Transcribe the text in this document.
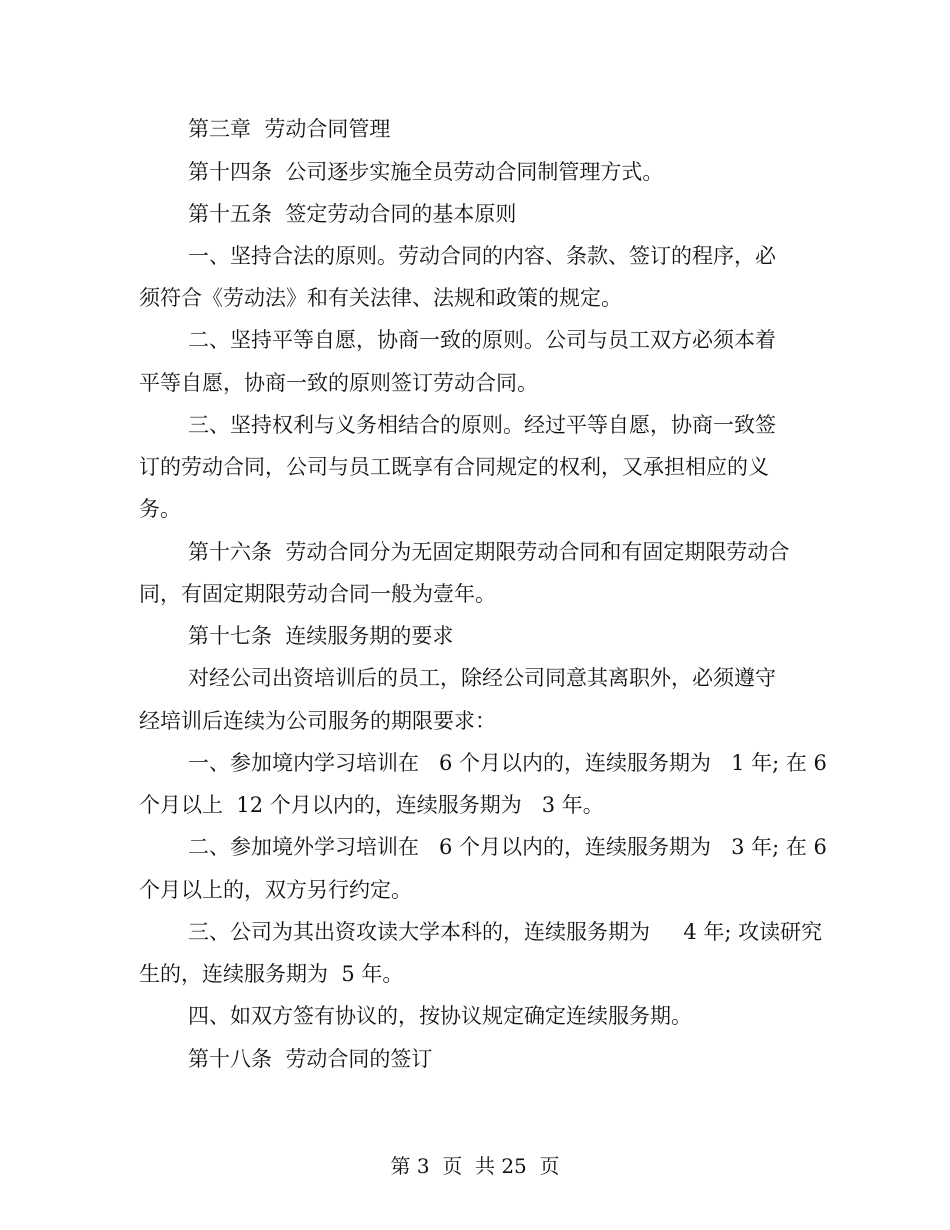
第三章  劳动合同管理
第十四条  公司逐步实施全员劳动合同制管理方式。
第十五条  签定劳动合同的基本原则
一、坚持合法的原则。劳动合同的内容、条款、签订的程序，必
须符合《劳动法》和有关法律、法规和政策的规定。
二、坚持平等自愿，协商一致的原则。公司与员工双方必须本着
平等自愿，协商一致的原则签订劳动合同。
三、坚持权利与义务相结合的原则。经过平等自愿，协商一致签
订的劳动合同，公司与员工既享有合同规定的权利，又承担相应的义
务。
第十六条  劳动合同分为无固定期限劳动合同和有固定期限劳动合
同，有固定期限劳动合同一般为壹年。
第十七条  连续服务期的要求
对经公司出资培训后的员工，除经公司同意其离职外，必须遵守
经培训后连续为公司服务的期限要求：
一、参加境内学习培训在   6 个月以内的，连续服务期为   1 年; 在 6
个月以上  12 个月以内的，连续服务期为   3 年。
二、参加境外学习培训在   6 个月以内的，连续服务期为   3 年; 在 6
个月以上的，双方另行约定。
三、公司为其出资攻读大学本科的，连续服务期为     4 年; 攻读研究
生的，连续服务期为  5 年。
四、如双方签有协议的，按协议规定确定连续服务期。
第十八条  劳动合同的签订
第 3  页  共 25  页
